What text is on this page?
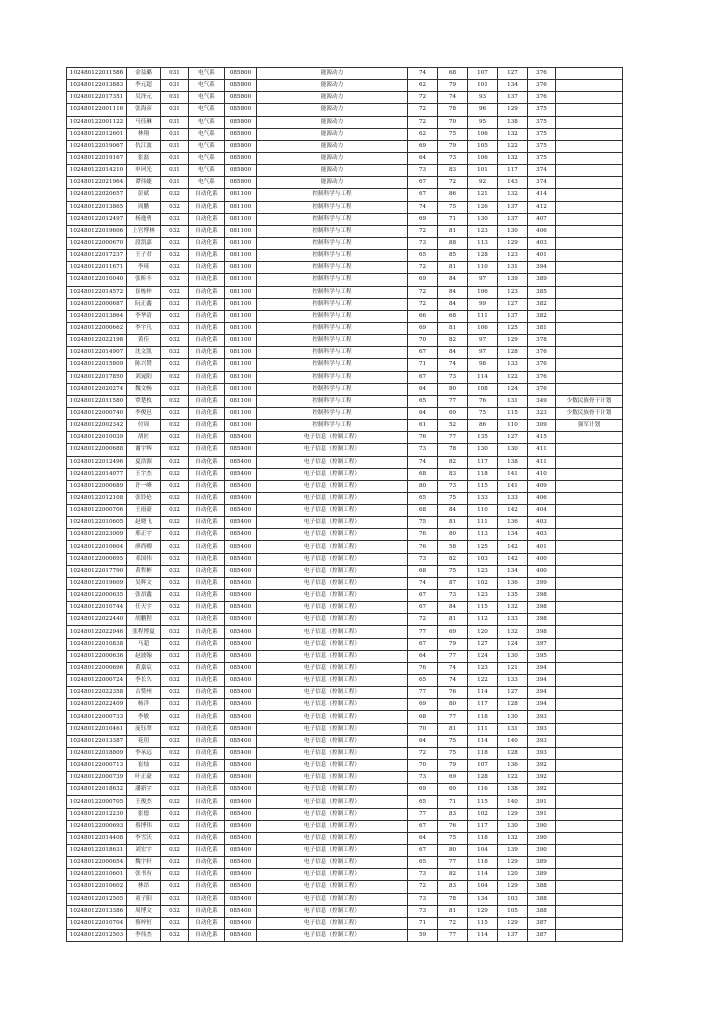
10248012201158б	金益璐	031	电气系	085800	能源动力	74	68	107	127	376	
102480122013883	李元超	031	电气系	085800	能源动力	62	79	101	134	376	
102480122017351	吴泽元	031	电气系	085800	能源动力	72	74	93	137	376	
102480122001116	张海彦	031	电气系	085800	能源动力	72	78	96	129	375	
102480122001122	马佳琳	031	电气系	085800	能源动力	72	70	95	138	375	
102480122012601	林翔	031	电气系	085800	能源动力	62	75	106	132	375	
102480122019067	仇江波	031	电气系	085800	能源动力	69	79	105	122	375	
102480122019167	张磊	031	电气系	085800	能源动力	64	73	106	132	375	
102480122014210	申珂光	031	电气系	085800	能源动力	73	83	101	117	374	
102480122021964	谭伟婕	031	电气系	085800	能源动力	67	72	92	143	374	
102480122020657	彭斌	032	自动化系	081100	控制科学与工程	67	86	121	132	414	
102480122013865	周鹏	032	自动化系	081100	控制科学与工程	74	75	126	137	412	
102480122012497	杨逸勇	032	自动化系	081100	控制科学与工程	69	71	130	137	407	
102480122019606	上官博林	032	自动化系	081100	控制科学与工程	72	81	123	130	406	
102480122000670	段凯嘉	032	自动化系	081100	控制科学与工程	73	88	113	129	403	
102480122017237	王子君	032	自动化系	081100	控制科学与工程	65	85	128	123	401	
102480122011671	李琦	032	自动化系	081100	控制科学与工程	72	81	110	131	394	
102480122010040	张昕丰	032	自动化系	081100	控制科学与工程	69	84	97	139	389	
102480122014572	崔栋梓	032	自动化系	081100	控制科学与工程	72	84	106	123	385	
102480122000687	阮正鑫	032	自动化系	081100	控制科学与工程	72	84	99	127	382	
102480122013864	李华清	032	自动化系	081100	控制科学与工程	66	68	111	137	382	
102480122000662	李宇凡	032	自动化系	081100	控制科学与工程	69	81	106	125	381	
102480122022198	黄佳	032	自动化系	081100	控制科学与工程	70	82	97	129	378	
102480122014907	沈文凯	032	自动化系	081100	控制科学与工程	67	84	97	128	376	
102480122015809	陈兴赞	032	自动化系	081100	控制科学与工程	71	74	98	133	376	
102480122017850	刘晁阳	032	自动化系	081100	控制科学与工程	67	73	114	122	376	
102480122020274	魏文畅	032	自动化系	081100	控制科学与工程	64	80	108	124	376	
102480122011580	覃楚枚	032	自动化系	081100	控制科学与工程	65	77	76	131	349	少数民族骨干计划
102480122000740	李俊邑	032	自动化系	081100	控制科学与工程	64	69	75	115	323	少数民族骨干计划
102480122002342	付周	032	自动化系	081100	控制科学与工程	61	52	86	110	309	强军计划
102480122010039	胡匠	032	自动化系	085400	电子信息（控制工程）	76	77	135	127	415	
102480122000688	谢宇辉	032	自动化系	085400	电子信息（控制工程）	73	78	130	130	411	
102480122012496	夏浩源	032	自动化系	085400	电子信息（控制工程）	74	82	117	138	411	
102480122014077	王宇杰	032	自动化系	085400	电子信息（控制工程）	68	83	118	141	410	
102480122000689	许一峰	032	自动化系	085400	电子信息（控制工程）	80	73	115	141	409	
102480122012108	张铃伦	032	自动化系	085400	电子信息（控制工程）	65	75	133	133	406	
102480122000706	王雨豪	032	自动化系	085400	电子信息（控制工程）	68	84	110	142	404	
102480122010605	赵晓飞	032	自动化系	085400	电子信息（控制工程）	75	81	111	136	403	
102480122023009	邢正宇	032	自动化系	085400	电子信息（控制工程）	76	80	113	134	403	
102480122010604	廖尚卿	032	自动化系	085400	电子信息（控制工程）	76	58	125	142	401	
102480122000695	邓国伟	032	自动化系	085400	电子信息（控制工程）	73	82	103	142	400	
102480122017790	黄哲彬	032	自动化系	085400	电子信息（控制工程）	68	75	123	134	400	
102480122019609	吴辉文	032	自动化系	085400	电子信息（控制工程）	74	87	102	136	399	
102480122000635	张昂鑫	032	自动化系	085400	电子信息（控制工程）	67	73	123	135	398	
102480122010744	任天宇	032	自动化系	085400	电子信息（控制工程）	67	84	115	132	398	
102480122022440	胡鹏程	032	自动化系	085400	电子信息（控制工程）	72	81	112	133	398	
102480122022946	张程博夏	032	自动化系	085400	电子信息（控制工程）	77	69	120	132	398	
102480122010838	马超	032	自动化系	085400	电子信息（控制工程）	67	79	127	124	397	
102480122000636	赵波翰	032	自动化系	085400	电子信息（控制工程）	64	77	124	130	395	
102480122000696	黄嘉宸	032	自动化系	085400	电子信息（控制工程）	76	74	123	121	394	
102480122000724	李长久	032	自动化系	085400	电子信息（控制工程）	65	74	122	133	394	
102480122022358	古赞州	032	自动化系	085400	电子信息（控制工程）	77	76	114	127	394	
102480122022409	杨洋	032	自动化系	085400	电子信息（控制工程）	69	80	117	128	394	
102480122000733	李敏	032	自动化系	085400	电子信息（控制工程）	68	77	118	130	393	
102480122010461	庞钰翠	032	自动化系	085400	电子信息（控制工程）	70	81	111	131	393	
102480122013387	花玥	032	自动化系	085400	电子信息（控制工程）	64	75	114	140	393	
102480122018809	李承远	032	自动化系	085400	电子信息（控制工程）	72	75	118	128	393	
102480122000713	崔灿	032	自动化系	085400	电子信息（控制工程）	70	79	107	136	392	
102480122000739	叶正豪	032	自动化系	085400	电子信息（控制工程）	73	69	128	122	392	
102480122018632	潘新宇	032	自动化系	085400	电子信息（控制工程）	69	69	116	138	392	
102480122000705	王俊杰	032	自动化系	085400	电子信息（控制工程）	65	71	115	140	391	
102480122012230	张德	032	自动化系	085400	电子信息（控制工程）	77	83	102	129	391	
102480122000693	蔡博伟	032	自动化系	085400	电子信息（控制工程）	67	76	117	130	390	
102480122014408	李雪沃	032	自动化系	085400	电子信息（控制工程）	64	75	118	132	390	
102480122018631	刘宏宇	032	自动化系	085400	电子信息（控制工程）	67	80	104	139	390	
102480122000654	魏宇轩	032	自动化系	085400	电子信息（控制工程）	65	77	118	129	389	
102480122010601	张书有	032	自动化系	085400	电子信息（控制工程）	73	82	114	120	389	
102480122010602	林昂	032	自动化系	085400	电子信息（控制工程）	72	83	104	129	388	
102480122012505	童子阳	032	自动化系	085400	电子信息（控制工程）	73	78	134	103	388	
102480122013386	周博文	032	自动化系	085400	电子信息（控制工程）	73	81	129	105	388	
102480122010704	蔡梓恒	032	自动化系	085400	电子信息（控制工程）	71	72	115	129	387	
102480122012503	李伟杰	032	自动化系	085400	电子信息（控制工程）	59	77	114	137	387	
